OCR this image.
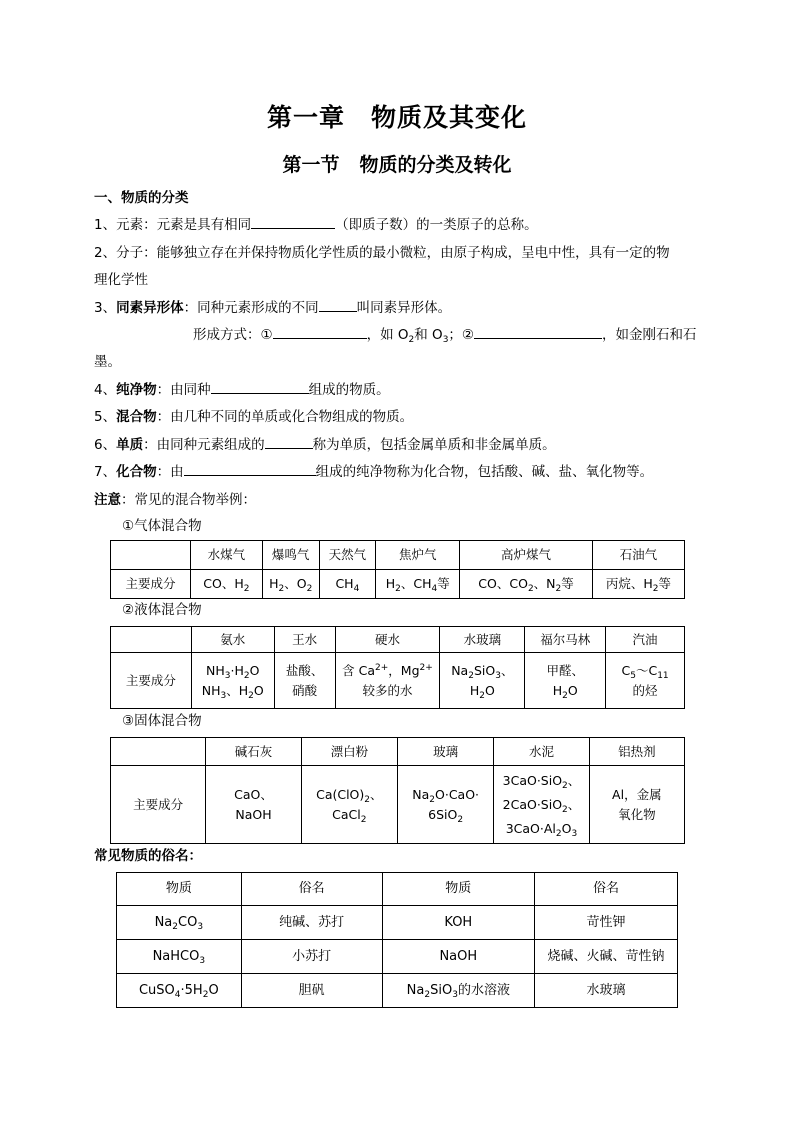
第一章 物质及其变化
第一节 物质的分类及转化
一、物质的分类
1、元素：元素是具有相同	（即质子数）的一类原子的总称。
2、分子：能够独立存在并保持物质化学性质的最小微粒，由原子构成，呈电中性，具有一定的物
理化学性
3、同素异形体：同种元素形成的不同	叫同素异形体。
形成方式：①	，如 $O_2$和 $O_3$；②	，如金刚石和石
墨。
4、纯净物：由同种	组成的物质。
5、混合物：由几种不同的单质或化合物组成的物质。
6、单质：由同种元素组成的	称为单质，包括金属单质和非金属单质。
7、化合物：由	组成的纯净物称为化合物，包括酸、碱、盐、氧化物等。
注意：常见的混合物举例：
①气体混合物
	水煤气	爆鸣气	天然气	焦炉气	高炉煤气	石油气
主要成分	CO、$H_2$	$H_2$、$O_2$	$CH_4$	$H_2$、$CH_4$等	CO、$CO_2$、$N_2$等	丙烷、$H_2$等
②液体混合物
	氨水	王水	硬水	水玻璃	福尔马林	汽油
主要成分	$NH_3\cdot H_2O$
$NH_3$、$H_2O$	盐酸、
硝酸	含 $Ca^{2+}$，$Mg^{2+}$
较多的水	$Na_2SiO_3$、
$H_2O$	甲醛、
$H_2O$	$C_5\sim C_{11}$
的烃
③固体混合物
	碱石灰	漂白粉	玻璃	水泥	铝热剂
主要成分	CaO、
NaOH	$Ca(ClO)_2$、
CaCl$_2$	$Na_2O\cdot CaO\cdot$
6SiO$_2$	3CaO·SiO$_2$、
2CaO·SiO$_2$、
$3CaO\cdot Al_2O_3$	Al，金属
氧化物
常见物质的俗名：
物质	俗名	物质	俗名
$Na_2CO_3$	纯碱、苏打	KOH	苛性钾
NaHCO$_3$	小苏打	NaOH	烧碱、火碱、苛性钠
$CuSO_4\cdot 5H_2O$	胆矾	$Na_2SiO_3$的水溶液	水玻璃
